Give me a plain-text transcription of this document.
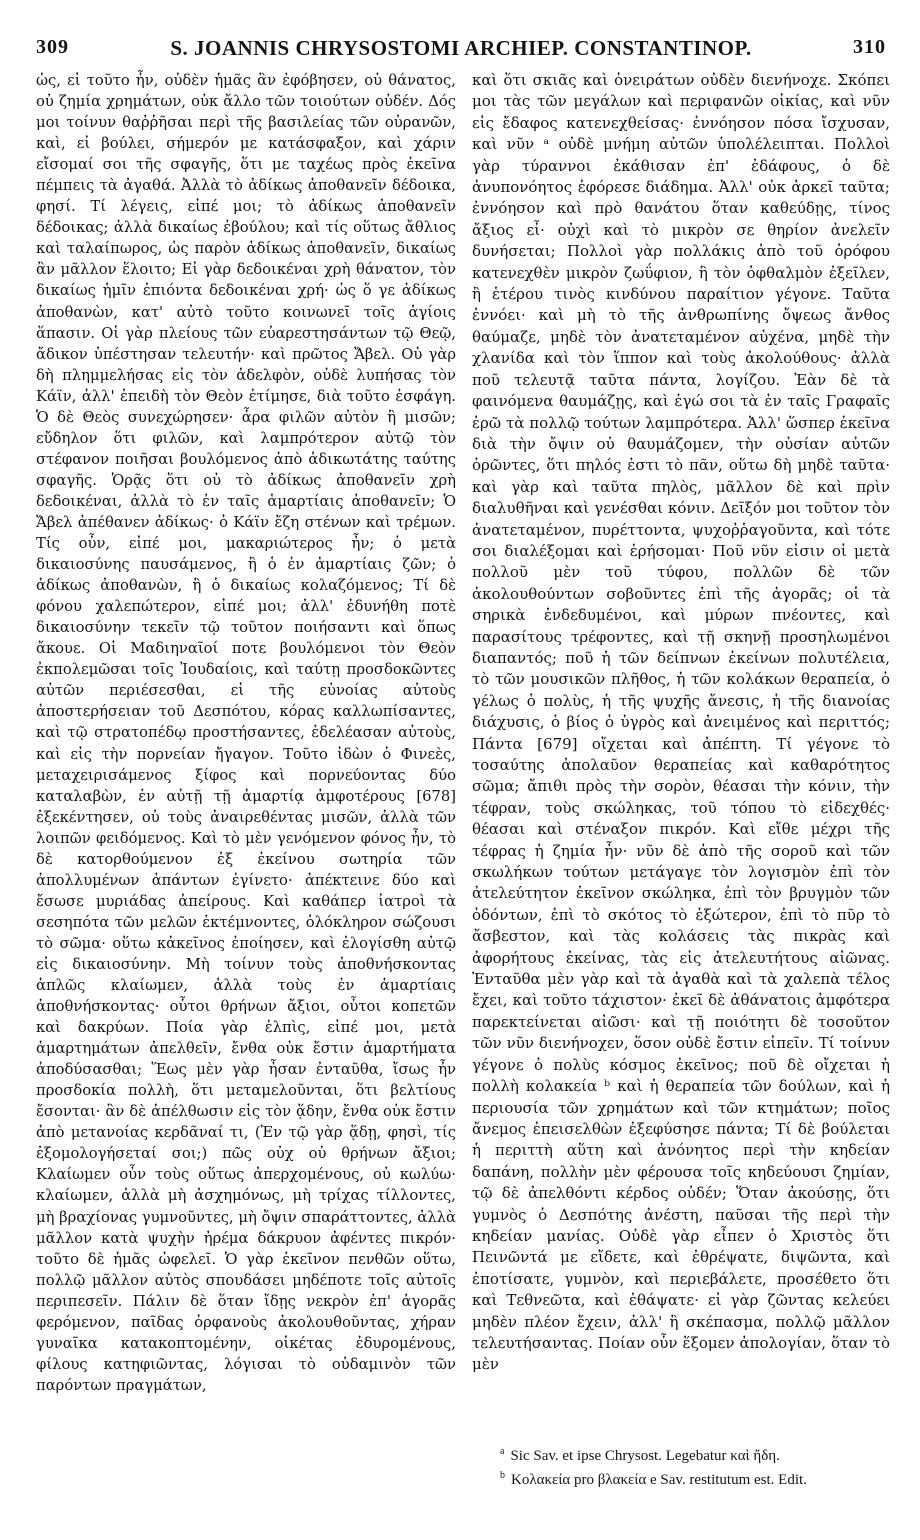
309	S. JOANNIS CHRYSOSTOMI ARCHIEP. CONSTANTINOP.	310

ὡς, εἰ τοῦτο ἦν, οὐδὲν ἡμᾶς ἂν ἐφόβησεν, οὐ θάνατος, οὐ ζημία χρημάτων, οὐκ ἄλλο τῶν τοιούτων οὐδέν. Δός μοι τοίνυν θαῤῥῆσαι περὶ τῆς βασιλείας τῶν οὐρανῶν, καὶ, εἰ βούλει, σήμερόν με κατάσφαξον, καὶ χάριν εἴσομαί σοι τῆς σφαγῆς, ὅτι με ταχέως πρὸς ἐκεῖνα πέμπεις τὰ ἀγαθά. Ἀλλὰ τὸ ἀδίκως ἀποθανεῖν δέδοικα, φησί. Τί λέγεις, εἰπέ μοι; τὸ ἀδίκως ἀποθανεῖν δέδοικας; ἀλλὰ δικαίως ἐβούλου; καὶ τίς οὕτως ἄθλιος καὶ ταλαίπωρος, ὡς παρὸν ἀδίκως ἀποθανεῖν, δικαίως ἂν μᾶλλον ἕλοιτο; Εἰ γὰρ δεδοικέναι χρὴ θάνατον, τὸν δικαίως ἡμῖν ἐπιόντα δεδοικέναι χρή· ὡς ὅ γε ἀδίκως ἀποθανὼν, κατ' αὐτὸ τοῦτο κοινωνεῖ τοῖς ἁγίοις ἅπασιν. Οἱ γὰρ πλείους τῶν εὐαρεστησάντων τῷ Θεῷ, ἄδικον ὑπέστησαν τελευτήν· καὶ πρῶτος Ἄβελ. Οὐ γὰρ δὴ πλημμελήσας εἰς τὸν ἀδελφὸν, οὐδὲ λυπήσας τὸν Κάϊν, ἀλλ' ἐπειδὴ τὸν Θεὸν ἐτίμησε, διὰ τοῦτο ἐσφάγη. Ὁ δὲ Θεὸς συνεχώρησεν· ἆρα φιλῶν αὐτὸν ἢ μισῶν; εὔδηλον ὅτι φιλῶν, καὶ λαμπρότερον αὐτῷ τὸν στέφανον ποιῆσαι βουλόμενος ἀπὸ ἀδικωτάτης ταύτης σφαγῆς. Ὁρᾷς ὅτι οὐ τὸ ἀδίκως ἀποθανεῖν χρὴ δεδοικέναι, ἀλλὰ τὸ ἐν ταῖς ἁμαρτίαις ἀποθανεῖν; Ὁ Ἄβελ ἀπέθανεν ἀδίκως· ὁ Κάϊν ἔζη στένων καὶ τρέμων. Τίς οὖν, εἰπέ μοι, μακαριώτερος ἦν; ὁ μετὰ δικαιοσύνης παυσάμενος, ἢ ὁ ἐν ἁμαρτίαις ζῶν; ὁ ἀδίκως ἀποθανὼν, ἢ ὁ δικαίως κολαζόμενος; Τί δὲ φόνου χαλεπώτερον, εἰπέ μοι; ἀλλ' ἐδυνήθη ποτὲ δικαιοσύνην τεκεῖν τῷ τοῦτον ποιήσαντι καὶ ὅπως ἄκουε. Οἱ Μαδιηναῖοί ποτε βουλόμενοι τὸν Θεὸν ἐκπολεμῶσαι τοῖς Ἰουδαίοις, καὶ ταύτῃ προσδοκῶντες αὐτῶν περιέσεσθαι, εἰ τῆς εὐνοίας αὐτοὺς ἀποστερήσειαν τοῦ Δεσπότου, κόρας καλλωπίσαντες, καὶ τῷ στρατοπέδῳ προστήσαντες, ἐδελέασαν αὐτοὺς, καὶ εἰς τὴν πορνείαν ἤγαγον. Τοῦτο ἰδὼν ὁ Φινεὲς, μεταχειρισάμενος ξίφος καὶ πορνεύοντας δύο καταλαβὼν, ἐν αὐτῇ τῇ ἁμαρτίᾳ ἀμφοτέρους [678] ἐξεκέντησεν, οὐ τοὺς ἀναιρεθέντας μισῶν, ἀλλὰ τῶν λοιπῶν φειδόμενος. Καὶ τὸ μὲν γενόμενον φόνος ἦν, τὸ δὲ κατορθούμενον ἐξ ἐκείνου σωτηρία τῶν ἀπολλυμένων ἁπάντων ἐγίνετο· ἀπέκτεινε δύο καὶ ἔσωσε μυριάδας ἀπείρους. Καὶ καθάπερ ἰατροὶ τὰ σεσηπότα τῶν μελῶν ἐκτέμνοντες, ὁλόκληρον σώζουσι τὸ σῶμα· οὕτω κἀκεῖνος ἐποίησεν, καὶ ἐλογίσθη αὐτῷ εἰς δικαιοσύνην. Μὴ τοίνυν τοὺς ἀποθνήσκοντας ἁπλῶς κλαίωμεν, ἀλλὰ τοὺς ἐν ἁμαρτίαις ἀποθνήσκοντας· οὗτοι θρήνων ἄξιοι, οὗτοι κοπετῶν καὶ δακρύων. Ποία γὰρ ἐλπὶς, εἰπέ μοι, μετὰ ἁμαρτημάτων ἀπελθεῖν, ἔνθα οὐκ ἔστιν ἁμαρτήματα ἀποδύσασθαι; Ἕως μὲν γὰρ ἦσαν ἐνταῦθα, ἴσως ἦν προσδοκία πολλὴ, ὅτι μεταμελοῦνται, ὅτι βελτίους ἔσονται· ἂν δὲ ἀπέλθωσιν εἰς τὸν ᾅδην, ἔνθα οὐκ ἔστιν ἀπὸ μετανοίας κερδᾶναί τι, (Ἐν τῷ γὰρ ᾅδῃ, φησὶ, τίς ἐξομολογήσεταί σοι;) πῶς οὐχ οὐ θρήνων ἄξιοι; Κλαίωμεν οὖν τοὺς οὕτως ἀπερχομένους, οὐ κωλύω· κλαίωμεν, ἀλλὰ μὴ ἀσχημόνως, μὴ τρίχας τίλλοντες, μὴ βραχίονας γυμνοῦντες, μὴ ὄψιν σπαράττοντες, ἀλλὰ μᾶλλον κατὰ ψυχὴν ἠρέμα δάκρυον ἀφέντες πικρόν· τοῦτο δὲ ἡμᾶς ὠφελεῖ. Ὁ γὰρ ἐκεῖνον πενθῶν οὕτω, πολλῷ μᾶλλον αὐτὸς σπουδάσει μηδέποτε τοῖς αὐτοῖς περιπεσεῖν. Πάλιν δὲ ὅταν ἴδῃς νεκρὸν ἐπ' ἀγορᾶς φερόμενον, παῖδας ὀρφανοὺς ἀκολουθοῦντας, χήραν γυναῖκα κατακοπτομένην, οἰκέτας ἐδυρομένους, φίλους κατηφιῶντας, λόγισαι τὸ οὐδαμινὸν τῶν παρόντων πραγμάτων,

καὶ ὅτι σκιᾶς καὶ ὀνειράτων οὐδὲν διενήνοχε. Σκόπει μοι τὰς τῶν μεγάλων καὶ περιφανῶν οἰκίας, καὶ νῦν εἰς ἔδαφος κατενεχθείσας· ἐννόησον πόσα ἴσχυσαν, καὶ νῦν ᵃ οὐδὲ μνήμη αὐτῶν ὑπολέλειπται. Πολλοὶ γὰρ τύραννοι ἐκάθισαν ἐπ' ἐδάφους, ὁ δὲ ἀνυπονόητος ἐφόρεσε διάδημα. Ἀλλ' οὐκ ἀρκεῖ ταῦτα; ἐννόησον καὶ πρὸ θανάτου ὅταν καθεύδῃς, τίνος ἄξιος εἶ· οὐχὶ καὶ τὸ μικρὸν σε θηρίον ἀνελεῖν δυνήσεται; Πολλοὶ γὰρ πολλάκις ἀπὸ τοῦ ὀρόφου κατενεχθὲν μικρὸν ζωΰφιον, ἢ τὸν ὀφθαλμὸν ἐξεῖλεν, ἢ ἑτέρου τινὸς κινδύνου παραίτιον γέγονε. Ταῦτα ἐννόει· καὶ μὴ τὸ τῆς ἀνθρωπίνης ὄψεως ἄνθος θαύμαζε, μηδὲ τὸν ἀνατεταμένον αὐχένα, μηδὲ τὴν χλανίδα καὶ τὸν ἵππον καὶ τοὺς ἀκολούθους· ἀλλὰ ποῦ τελευτᾷ ταῦτα πάντα, λογίζου. Ἐὰν δὲ τὰ φαινόμενα θαυμάζῃς, καὶ ἐγώ σοι τὰ ἐν ταῖς Γραφαῖς ἐρῶ τὰ πολλῷ τούτων λαμπρότερα. Ἀλλ' ὥσπερ ἐκεῖνα διὰ τὴν ὄψιν οὐ θαυμάζομεν, τὴν οὐσίαν αὐτῶν ὁρῶντες, ὅτι πηλός ἐστι τὸ πᾶν, οὕτω δὴ μηδὲ ταῦτα· καὶ γὰρ καὶ ταῦτα πηλὸς, μᾶλλον δὲ καὶ πρὶν διαλυθῆναι καὶ γενέσθαι κόνιν. Δεῖξόν μοι τοῦτον τὸν ἀνατεταμένον, πυρέττοντα, ψυχοῤῥαγοῦντα, καὶ τότε σοι διαλέξομαι καὶ ἐρήσομαι· Ποῦ νῦν εἰσιν οἱ μετὰ πολλοῦ μὲν τοῦ τύφου, πολλῶν δὲ τῶν ἀκολουθούντων σοβοῦντες ἐπὶ τῆς ἀγορᾶς; οἱ τὰ σηρικὰ ἐνδεδυμένοι, καὶ μύρων πνέοντες, καὶ παρασίτους τρέφοντες, καὶ τῇ σκηνῇ προσηλωμένοι διαπαντός; ποῦ ἡ τῶν δείπνων ἐκείνων πολυτέλεια, τὸ τῶν μουσικῶν πλῆθος, ἡ τῶν κολάκων θεραπεία, ὁ γέλως ὁ πολὺς, ἡ τῆς ψυχῆς ἄνεσις, ἡ τῆς διανοίας διάχυσις, ὁ βίος ὁ ὑγρὸς καὶ ἀνειμένος καὶ περιττός; Πάντα [679] οἴχεται καὶ ἀπέπτη. Τί γέγονε τὸ τοσαύτης ἀπολαῦον θεραπείας καὶ καθαρότητος σῶμα; ἄπιθι πρὸς τὴν σορὸν, θέασαι τὴν κόνιν, τὴν τέφραν, τοὺς σκώληκας, τοῦ τόπου τὸ εἰδεχθές· θέασαι καὶ στέναξον πικρόν. Καὶ εἴθε μέχρι τῆς τέφρας ἡ ζημία ἦν· νῦν δὲ ἀπὸ τῆς σοροῦ καὶ τῶν σκωλήκων τούτων μετάγαγε τὸν λογισμὸν ἐπὶ τὸν ἀτελεύτητον ἐκεῖνον σκώληκα, ἐπὶ τὸν βρυγμὸν τῶν ὀδόντων, ἐπὶ τὸ σκότος τὸ ἐξώτερον, ἐπὶ τὸ πῦρ τὸ ἄσβεστον, καὶ τὰς κολάσεις τὰς πικρὰς καὶ ἀφορήτους ἐκείνας, τὰς εἰς ἀτελευτήτους αἰῶνας. Ἐνταῦθα μὲν γὰρ καὶ τὰ ἀγαθὰ καὶ τὰ χαλεπὰ τέλος ἔχει, καὶ τοῦτο τάχιστον· ἐκεῖ δὲ ἀθάνατοις ἀμφότερα παρεκτείνεται αἰῶσι· καὶ τῇ ποιότητι δὲ τοσοῦτον τῶν νῦν διενήνοχεν, ὅσον οὐδὲ ἔστιν εἰπεῖν. Τί τοίνυν γέγονε ὁ πολὺς κόσμος ἐκεῖνος; ποῦ δὲ οἴχεται ἡ πολλὴ κολακεία ᵇ καὶ ἡ θεραπεία τῶν δούλων, καὶ ἡ περιουσία τῶν χρημάτων καὶ τῶν κτημάτων; ποῖος ἄνεμος ἐπεισελθὼν ἐξεφύσησε πάντα; Τί δὲ βούλεται ἡ περιττὴ αὕτη καὶ ἀνόνητος περὶ τὴν κηδείαν δαπάνη, πολλὴν μὲν φέρουσα τοῖς κηδεύουσι ζημίαν, τῷ δὲ ἀπελθόντι κέρδος οὐδέν; Ὅταν ἀκούσῃς, ὅτι γυμνὸς ὁ Δεσπότης ἀνέστη, παῦσαι τῆς περὶ τὴν κηδείαν μανίας. Οὐδὲ γὰρ εἶπεν ὁ Χριστὸς ὅτι Πεινῶντά με εἴδετε, καὶ ἐθρέψατε, διψῶντα, καὶ ἐποτίσατε, γυμνὸν, καὶ περιεβάλετε, προσέθετο ὅτι καὶ Τεθνεῶτα, καὶ ἐθάψατε· εἰ γὰρ ζῶντας κελεύει μηδὲν πλέον ἔχειν, ἀλλ' ἢ σκέπασμα, πολλῷ μᾶλλον τελευτήσαντας. Ποίαν οὖν ἕξομεν ἀπολογίαν, ὅταν τὸ μὲν

$^a$ Sic Sav. et ipse Chrysost. Legebatur καὶ ἤδη.

$^b$ Κολακεία pro βλακεία e Sav. restitutum est. Edit.
